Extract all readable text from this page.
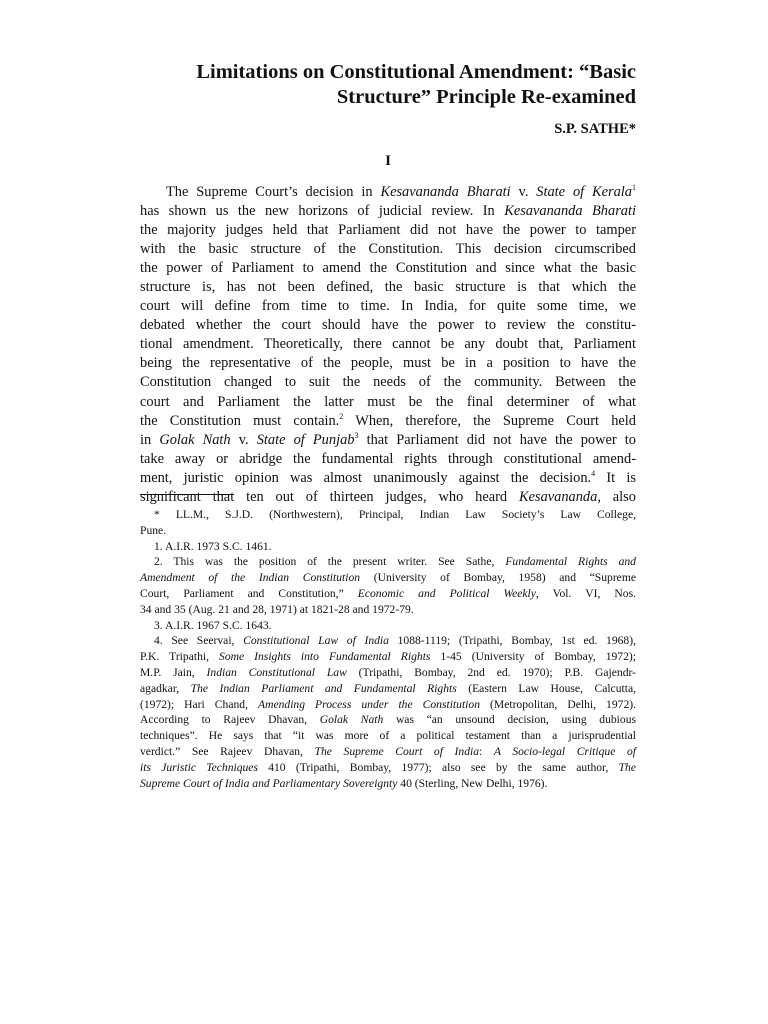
Limitations on Constitutional Amendment: “Basic
Structure” Principle Re-examined
S.P. SATHE*
I
The Supreme Court’s decision in Kesavananda Bharati v. State of Kerala$^1$
has shown us the new horizons of judicial review. In Kesavananda Bharati
the majority judges held that Parliament did not have the power to tamper
with the basic structure of the Constitution. This decision circumscribed
the power of Parliament to amend the Constitution and since what the basic
structure is, has not been defined, the basic structure is that which the
court will define from time to time. In India, for quite some time, we
debated whether the court should have the power to review the constitu-
tional amendment. Theoretically, there cannot be any doubt that, Parliament
being the representative of the people, must be in a position to have the
Constitution changed to suit the needs of the community. Between the
court and Parliament the latter must be the final determiner of what
the Constitution must contain.$^2$ When, therefore, the Supreme Court held
in Golak Nath v. State of Punjab$^3$ that Parliament did not have the power to
take away or abridge the fundamental rights through constitutional amend-
ment, juristic opinion was almost unanimously against the decision.$^4$ It is
significant that ten out of thirteen judges, who heard Kesavananda, also
* LL.M., S.J.D. (Northwestern), Principal, Indian Law Society’s Law College,
Pune.
1. A.I.R. 1973 S.C. 1461.
2. This was the position of the present writer. See Sathe, Fundamental Rights and
Amendment of the Indian Constitution (University of Bombay, 1958) and “Supreme
Court, Parliament and Constitution,” Economic and Political Weekly, Vol. VI, Nos.
34 and 35 (Aug. 21 and 28, 1971) at 1821-28 and 1972-79.
3. A.I.R. 1967 S.C. 1643.
4. See Seervai, Constitutional Law of India 1088-1119; (Tripathi, Bombay, 1st ed. 1968),
P.K. Tripathi, Some Insights into Fundamental Rights 1-45 (University of Bombay, 1972);
M.P. Jain, Indian Constitutional Law (Tripathi, Bombay, 2nd ed. 1970); P.B. Gajendr-
agadkar, The Indian Parliament and Fundamental Rights (Eastern Law House, Calcutta,
(1972); Hari Chand, Amending Process under the Constitution (Metropolitan, Delhi, 1972).
According to Rajeev Dhavan, Golak Nath was “an unsound decision, using dubious
techniques”. He says that “it was more of a political testament than a jurisprudential
verdict.” See Rajeev Dhavan, The Supreme Court of India: A Socio-legal Critique of
its Juristic Techniques 410 (Tripathi, Bombay, 1977); also see by the same author, The
Supreme Court of India and Parliamentary Sovereignty 40 (Sterling, New Delhi, 1976).
